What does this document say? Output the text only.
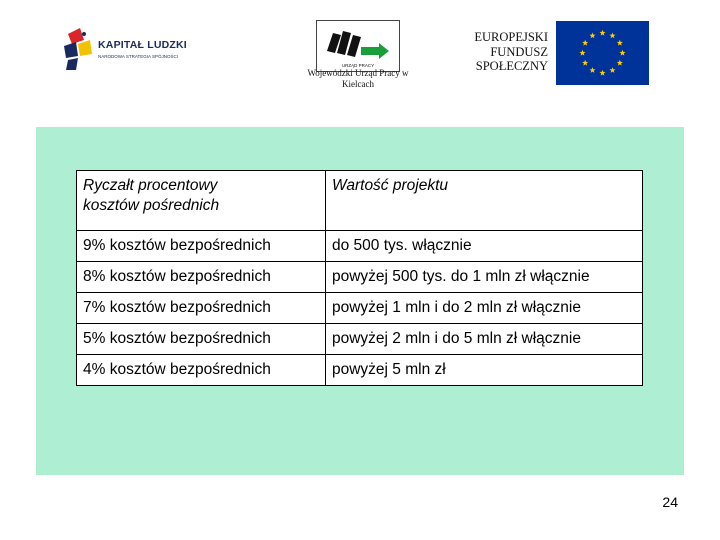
KAPITAŁ LUDZKI
NARODOWA STRATEGIA SPÓJNOŚCI
URZĄD PRACY
Wojewódzki Urząd Pracy w Kielcach
EUROPEJSKI
FUNDUSZ
SPOŁECZNY
Ryczałt procentowy
kosztów pośrednich	Wartość projektu
9% kosztów bezpośrednich	do 500 tys. włącznie
8% kosztów bezpośrednich	powyżej 500 tys. do 1 mln zł włącznie
7% kosztów bezpośrednich	powyżej 1 mln i do 2 mln zł włącznie
5% kosztów bezpośrednich	powyżej 2 mln i do 5 mln zł włącznie
4% kosztów bezpośrednich	powyżej 5 mln zł
24
